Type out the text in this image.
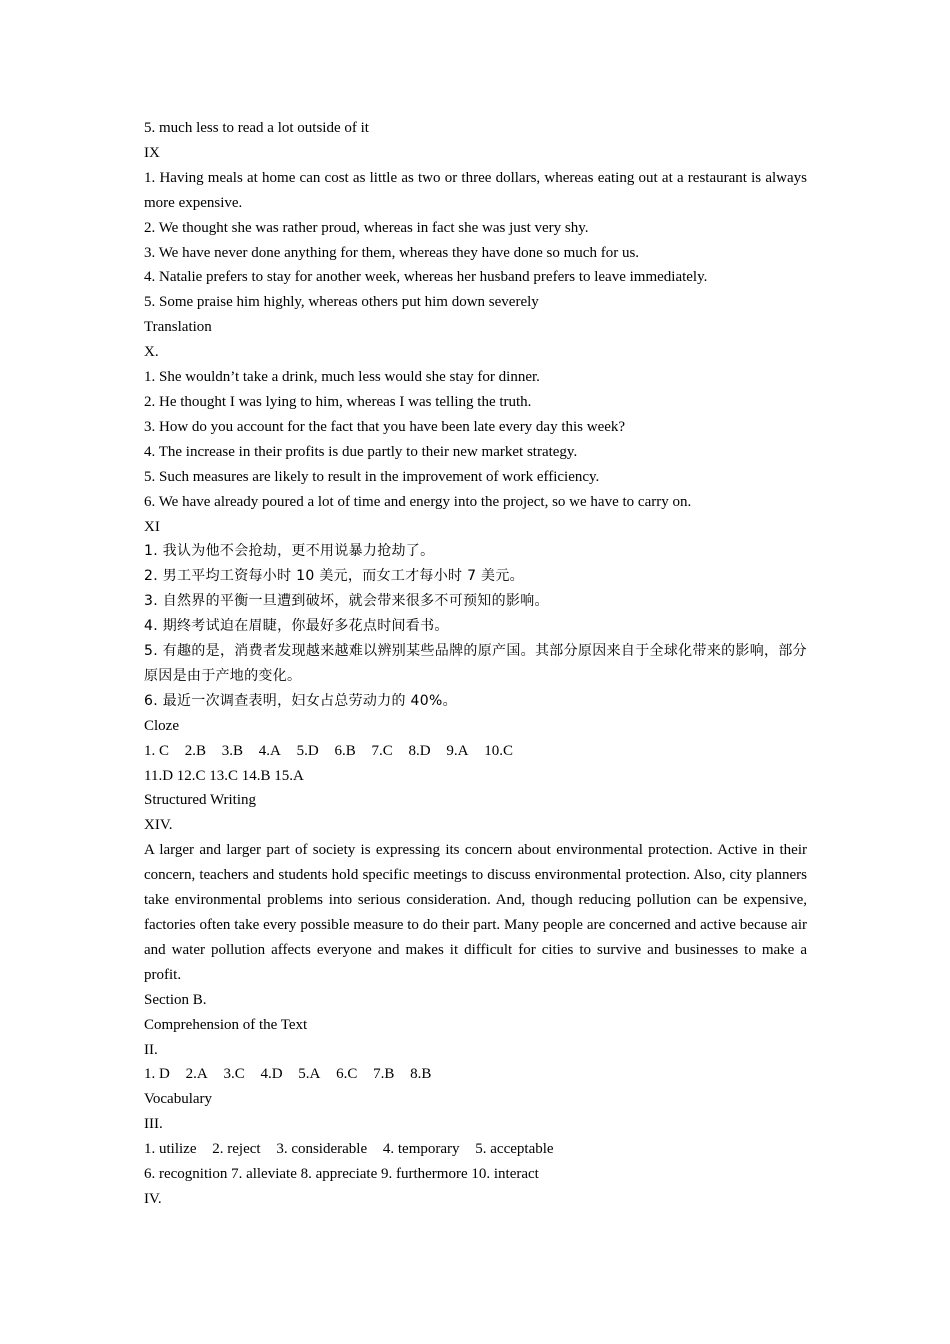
5. much less to read a lot outside of it

IX

1. Having meals at home can cost as little as two or three dollars, whereas eating out at a restaurant is always more expensive.

2. We thought she was rather proud, whereas in fact she was just very shy.

3. We have never done anything for them, whereas they have done so much for us.

4. Natalie prefers to stay for another week, whereas her husband prefers to leave immediately.

5. Some praise him highly, whereas others put him down severely

Translation

X.

1. She wouldn’t take a drink, much less would she stay for dinner.

2. He thought I was lying to him, whereas I was telling the truth.

3. How do you account for the fact that you have been late every day this week?

4. The increase in their profits is due partly to their new market strategy.

5. Such measures are likely to result in the improvement of work efficiency.

6. We have already poured a lot of time and energy into the project, so we have to carry on.

XI

1. 我认为他不会抢劫，更不用说暴力抢劫了。

2. 男工平均工资每小时 10 美元，而女工才每小时 7 美元。

3. 自然界的平衡一旦遭到破坏，就会带来很多不可预知的影响。

4. 期终考试迫在眉睫，你最好多花点时间看书。

5. 有趣的是，消费者发现越来越难以辨别某些品牌的原产国。其部分原因来自于全球化带来的影响，部分原因是由于产地的变化。

6. 最近一次调查表明，妇女占总劳动力的 40%。

Cloze

1. C 2.B 3.B 4.A 5.D 6.B 7.C 8.D 9.A 10.C

11.D 12.C 13.C 14.B 15.A

Structured Writing

XIV.

A larger and larger part of society is expressing its concern about environmental protection. Active in their concern, teachers and students hold specific meetings to discuss environmental protection. Also, city planners take environmental problems into serious consideration. And, though reducing pollution can be expensive, factories often take every possible measure to do their part. Many people are concerned and active because air and water pollution affects everyone and makes it difficult for cities to survive and businesses to make a profit.

Section B.

Comprehension of the Text

II.

1. D 2.A 3.C 4.D 5.A 6.C 7.B 8.B

Vocabulary

III.

1. utilize 2. reject 3. considerable 4. temporary 5. acceptable

6. recognition 7. alleviate 8. appreciate 9. furthermore 10. interact

IV.
